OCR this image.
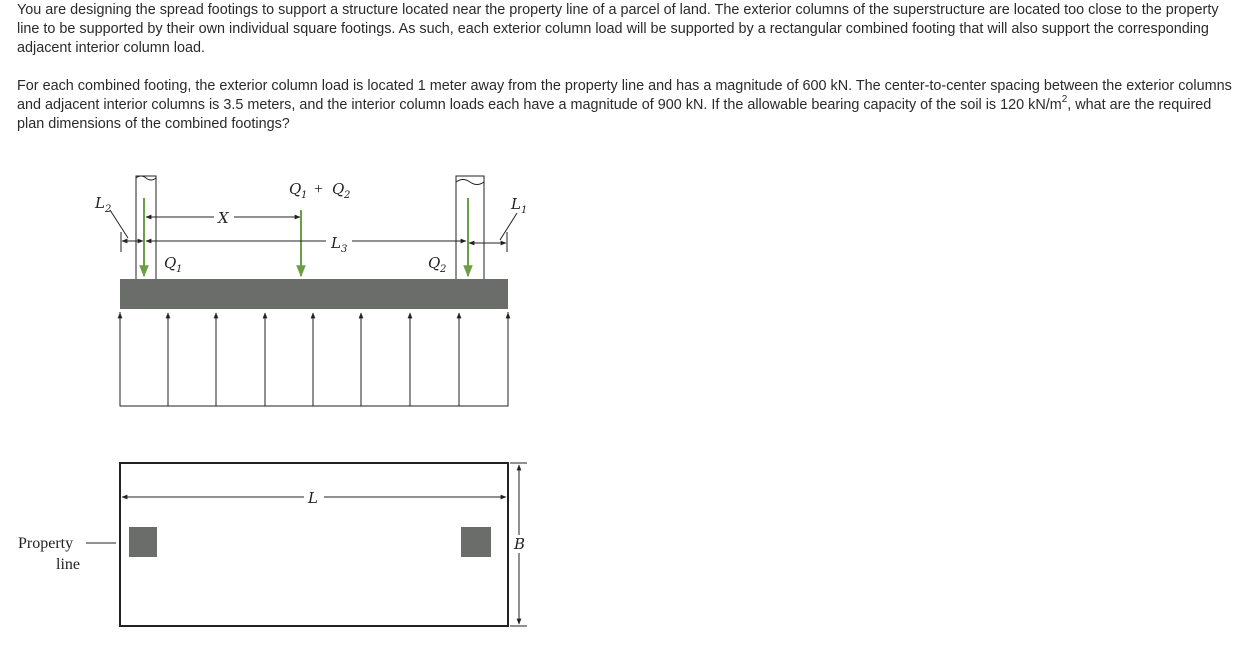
You are designing the spread footings to support a structure located near the property line of a parcel of land. The exterior columns of the superstructure are located too close to the property line to be supported by their own individual square footings. As such, each exterior column load will be supported by a rectangular combined footing that will also support the corresponding adjacent interior column load.

For each combined footing, the exterior column load is located 1 meter away from the property line and has a magnitude of 600 kN. The center-to-center spacing between the exterior columns and adjacent interior columns is 3.5 meters, and the interior column loads each have a magnitude of 900 kN. If the allowable bearing capacity of the soil is 120 $kN/m^2$, what are the required plan dimensions of the combined footings?

X
L 3
L 2	L 1
Q 1	Q 2
Q 1 + Q 2
L
B
Property
line
